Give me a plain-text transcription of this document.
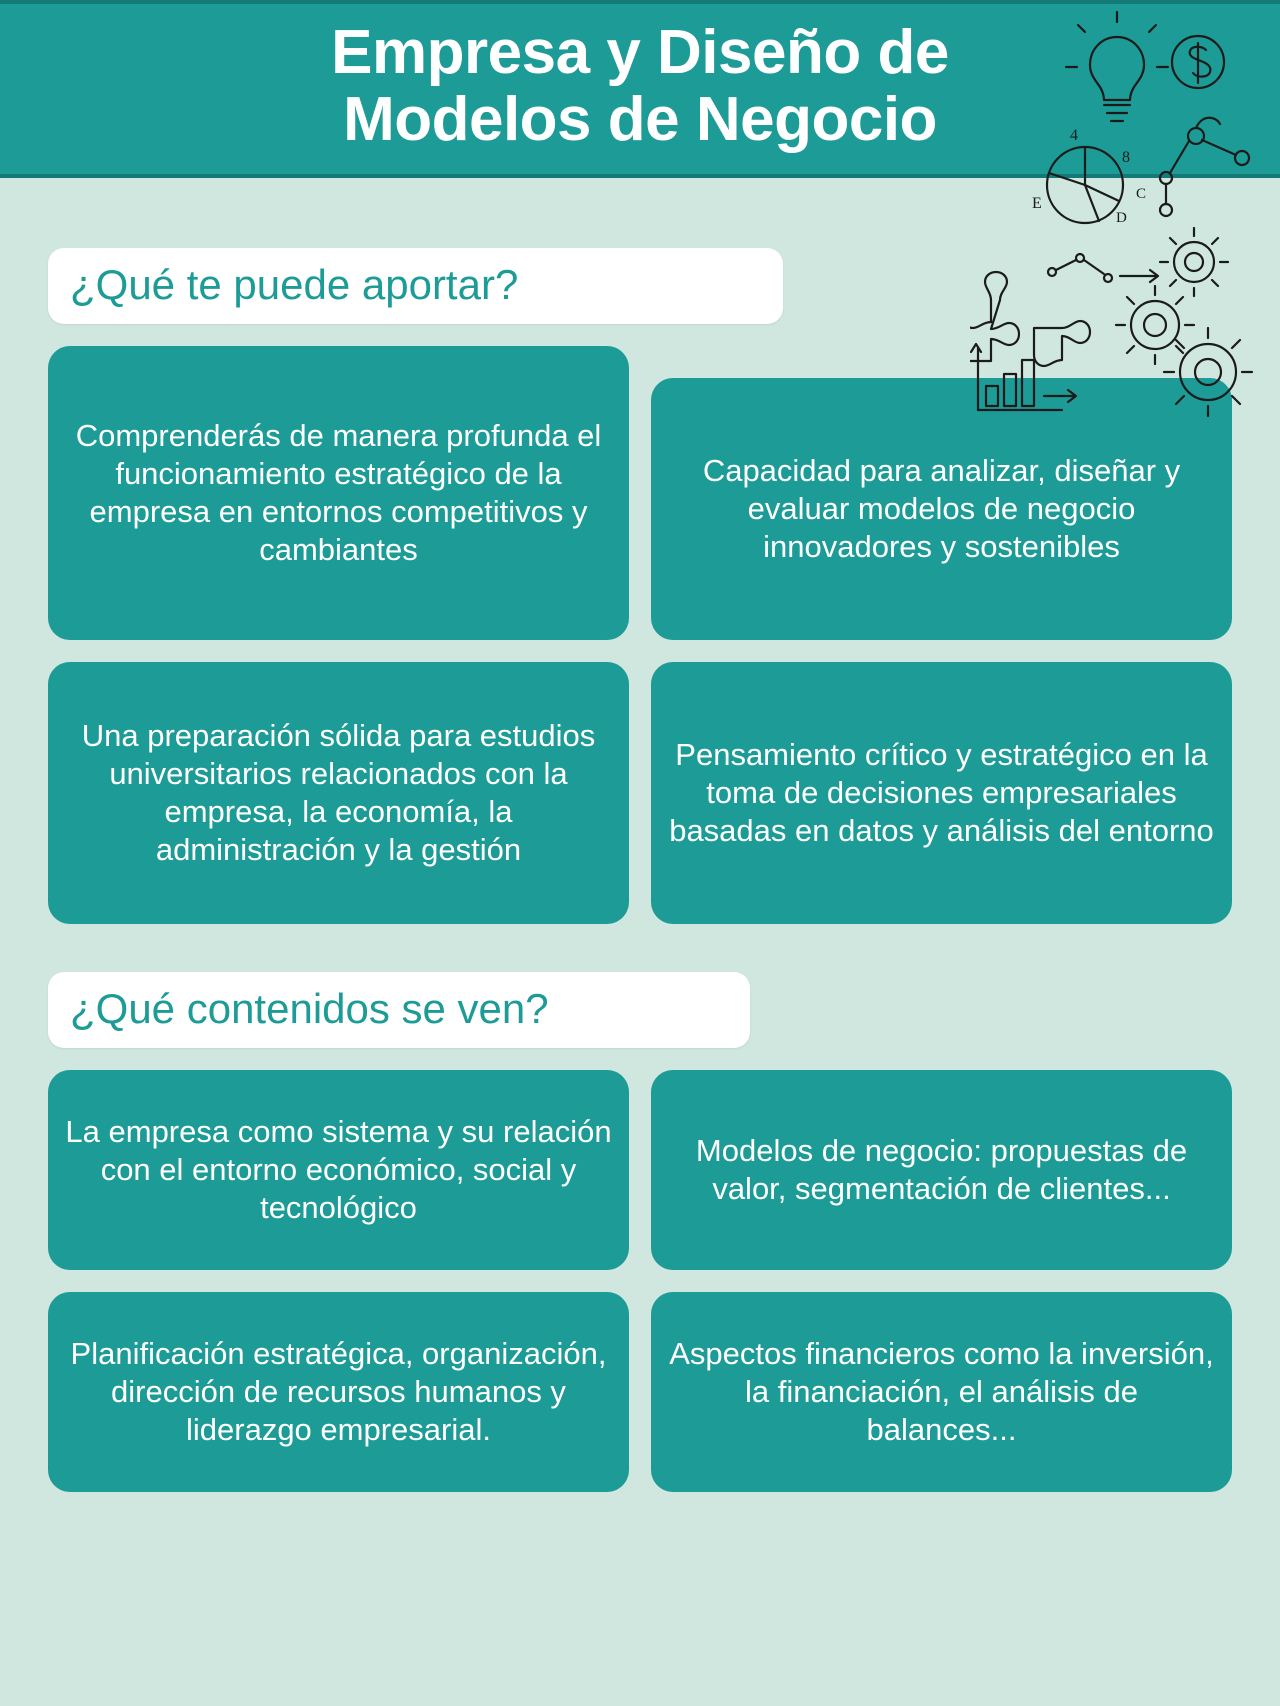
Empresa y Diseño de Modelos de Negocio	4
8
E
D
C
¿Qué te puede aportar?
Comprenderás de manera profunda el funcionamiento estratégico de la empresa en entornos competitivos y cambiantes
Capacidad para analizar, diseñar y evaluar modelos de negocio innovadores y sostenibles
Una preparación sólida para estudios universitarios relacionados con la empresa, la economía, la administración y la gestión
Pensamiento crítico y estratégico en la toma de decisiones empresariales basadas en datos y análisis del entorno
¿Qué contenidos se ven?
La empresa como sistema y su relación con el entorno económico, social y tecnológico
Modelos de negocio: propuestas de valor, segmentación de clientes...
Planificación estratégica, organización, dirección de recursos humanos y liderazgo empresarial.
Aspectos financieros como la inversión, la financiación, el análisis de balances...
